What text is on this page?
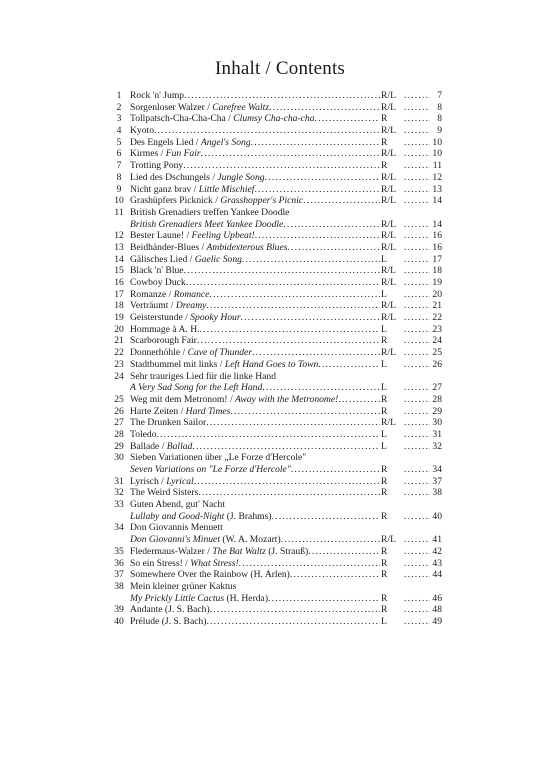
Inhalt / Contents
1 Rock 'n' Jump . . .	R/L . . .	7
2 Sorgenloser Walzer / Carefree Waltz . . .	R/L . . .	8
3 Tollpatsch-Cha-Cha-Cha / Clumsy Cha-cha-cha . . .	R . . .	8
4 Kyoto . . .	R/L . . .	9
5 Des Engels Lied / Angel's Song . . .	R . . .	10
6 Kirmes / Fun Fair . . .	R/L . . .	10
7 Trotting Pony . . .	R . . .	11
8 Lied des Dschungels / Jungle Song . . .	R/L . . .	12
9 Nicht ganz brav / Little Mischief . . .	R/L . . .	13
10 Grashüpfers Picknick / Grasshopper's Picnic . . .	R/L . . .	14
11 British Grenadiers treffen Yankee Doodle
British Grenadiers Meet Yankee Doodle . . .	R/L . . .	14
12 Bester Laune! / Feeling Upbeat! . . .	R/L . . .	16
13 Beidhänder-Blues / Ambidexterous Blues . . .	R/L . . .	16
14 Gälisches Lied / Gaelic Song . . .	L . . .	17
15 Black 'n' Blue . . .	R/L . . .	18
16 Cowboy Duck . . .	R/L . . .	19
17 Romanze / Romance . . .	L . . .	20
18 Verträumt / Dreamy . . .	R/L . . .	21
19 Geisterstunde / Spooky Hour . . .	R/L . . .	22
20 Hommage à A. H. . . .	L . . .	23
21 Scarborough Fair . . .	R . . .	24
22 Donnerhöhle / Cave of Thunder . . .	R/L . . .	25
23 Stadtbummel mit links / Left Hand Goes to Town . . .	L . . .	26
24 Sehr trauriges Lied für die linke Hand
A Very Sad Song for the Left Hand . . .	L . . .	27
25 Weg mit dem Metronom! / Away with the Metronome! . . .	R . . .	28
26 Harte Zeiten / Hard Times . . .	R . . .	29
27 The Drunken Sailor . . .	R/L . . .	30
28 Toledo . . .	L . . .	31
29 Ballade / Ballad . . .	L . . .	32
30 Sieben Variationen über „Le Forze d'Hercole"
Seven Variations on "Le Forze d'Hercole" . . .	R . . .	34
31 Lyrisch / Lyrical . . .	R . . .	37
32 The Weird Sisters . . .	R . . .	38
33 Guten Abend, gut' Nacht
Lullaby and Good-Night (J. Brahms) . . .	R . . .	40
34 Don Giovannis Menuett
Don Giovanni's Minuet (W. A. Mozart) . . .	R/L . . .	41
35 Fledermaus-Walzer / The Bat Waltz (J. Strauß) . . .	R . . .	42
36 So ein Stress! / What Stress! . . .	R . . .	43
37 Somewhere Over the Rainbow (H. Arlen) . . .	R . . .	44
38 Mein kleiner grüner Kaktus
My Prickly Little Cactus (H. Herda) . . .	R . . .	46
39 Andante (J. S. Bach) . . .	R . . .	48
40 Prélude (J. S. Bach) . . .	L . . .	49
